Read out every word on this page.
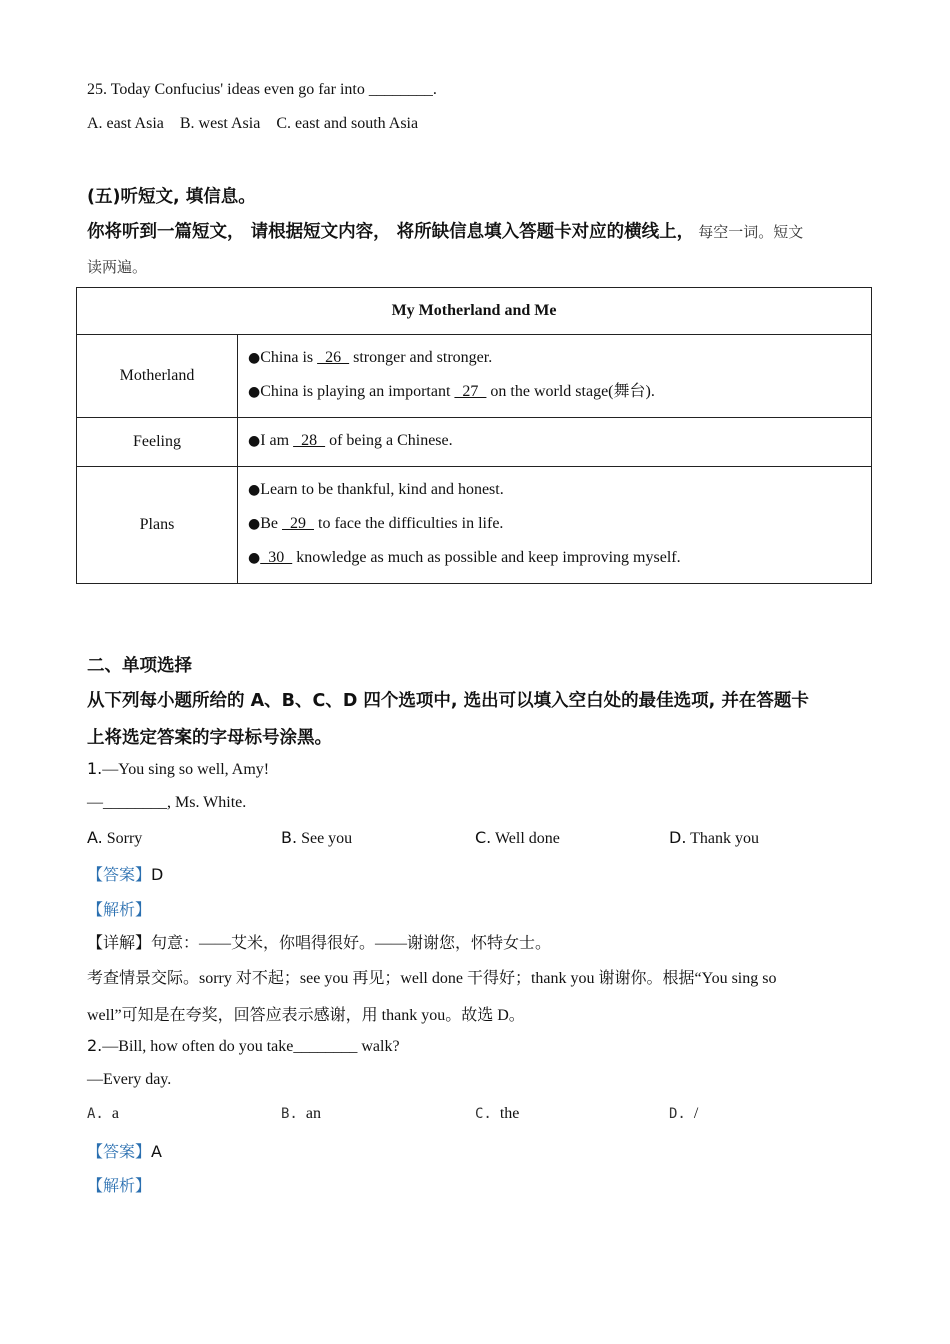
25. Today Confucius' ideas even go far into ________.
A. east Asia    B. west Asia    C. east and south Asia
(五)听短文, 填信息。
你将听到一篇短文， 请根据短文内容， 将所缺信息填入答题卡对应的横线上， 每空一词。短文
读两遍。
My Motherland and Me	
Motherland	●China is   26   stronger and stronger.

●China is playing an important   27   on the world stage(舞台).

Feeling	●I am   28   of being a Chinese.

Plans	●Learn to be thankful, kind and honest.

●Be   29   to face the difficulties in life.

●  30   knowledge as much as possible and keep improving myself.

二、单项选择
从下列每小题所给的 A、B、C、D 四个选项中, 选出可以填入空白处的最佳选项, 并在答题卡
上将选定答案的字母标号涂黑。
1.—You sing so well, Amy!
—________, Ms. White.
A. Sorry	B. See you	C. Well done	D. Thank you
【答案】D
【解析】
【详解】句意：——艾米，你唱得很好。——谢谢您，怀特女士。
考查情景交际。sorry 对不起；see you 再见；well done 干得好；thank you 谢谢你。根据“You sing so
well”可知是在夸奖，回答应表示感谢，用 thank you。故选 D。
2.—Bill, how often do you take________ walk?
—Every day.
A. a	B. an	C. the	D. /
【答案】A
【解析】
